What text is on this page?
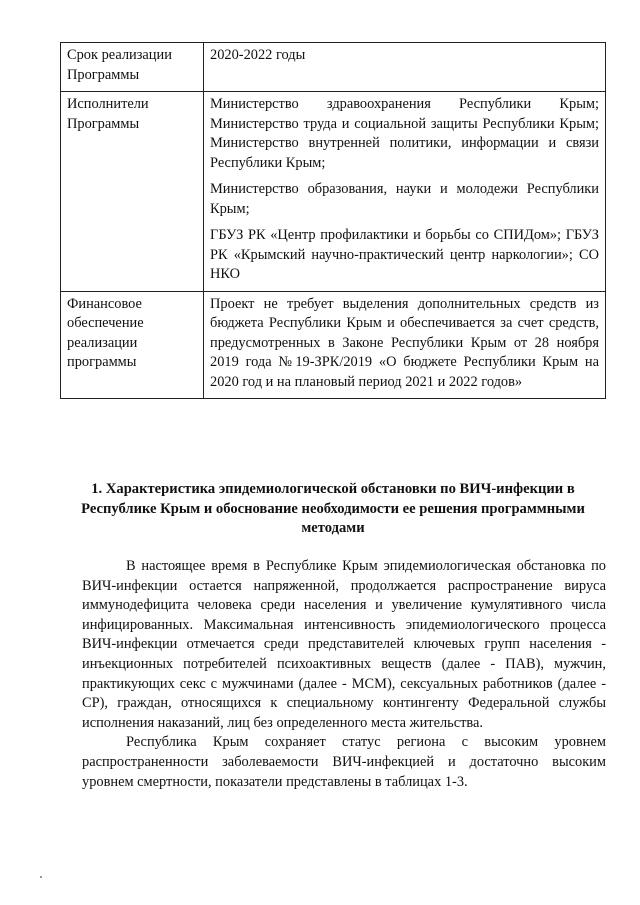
Срок реализации Программы	2020-2022 годы

Исполнители Программы	Министерство здравоохранения Республики Крым; Министерство труда и социальной защиты Республики Крым; Министерство внутренней политики, информации и связи Республики Крым;

Министерство образования, науки и молодежи Республики Крым;

ГБУЗ РК «Центр профилактики и борьбы со СПИДом»; ГБУЗ РК «Крымский научно-практический центр наркологии»; СО НКО

Финансовое обеспечение реализации программы	Проект не требует выделения дополнительных средств из бюджета Республики Крым и обеспечивается за счет средств, предусмотренных в Законе Республики Крым от 28 ноября 2019 года №19-ЗРК/2019 «О бюджете Республики Крым на 2020 год и на плановый период 2021 и 2022 годов»

1. Характеристика эпидемиологической обстановки по ВИЧ-инфекции в Республике Крым и обоснование необходимости ее решения программными методами

В настоящее время в Республике Крым эпидемиологическая обстановка по ВИЧ-инфекции остается напряженной, продолжается распространение вируса иммунодефицита человека среди населения и увеличение кумулятивного числа инфицированных. Максимальная интенсивность эпидемиологического процесса ВИЧ-инфекции отмечается среди представителей ключевых групп населения - инъекционных потребителей психоактивных веществ (далее - ПАВ), мужчин, практикующих секс с мужчинами (далее - МСМ), сексуальных работников (далее - СР), граждан, относящихся к специальному контингенту Федеральной службы исполнения наказаний, лиц без определенного места жительства.

Республика Крым сохраняет статус региона с высоким уровнем распространенности заболеваемости ВИЧ-инфекцией и достаточно высоким уровнем смертности, показатели представлены в таблицах 1-3.
